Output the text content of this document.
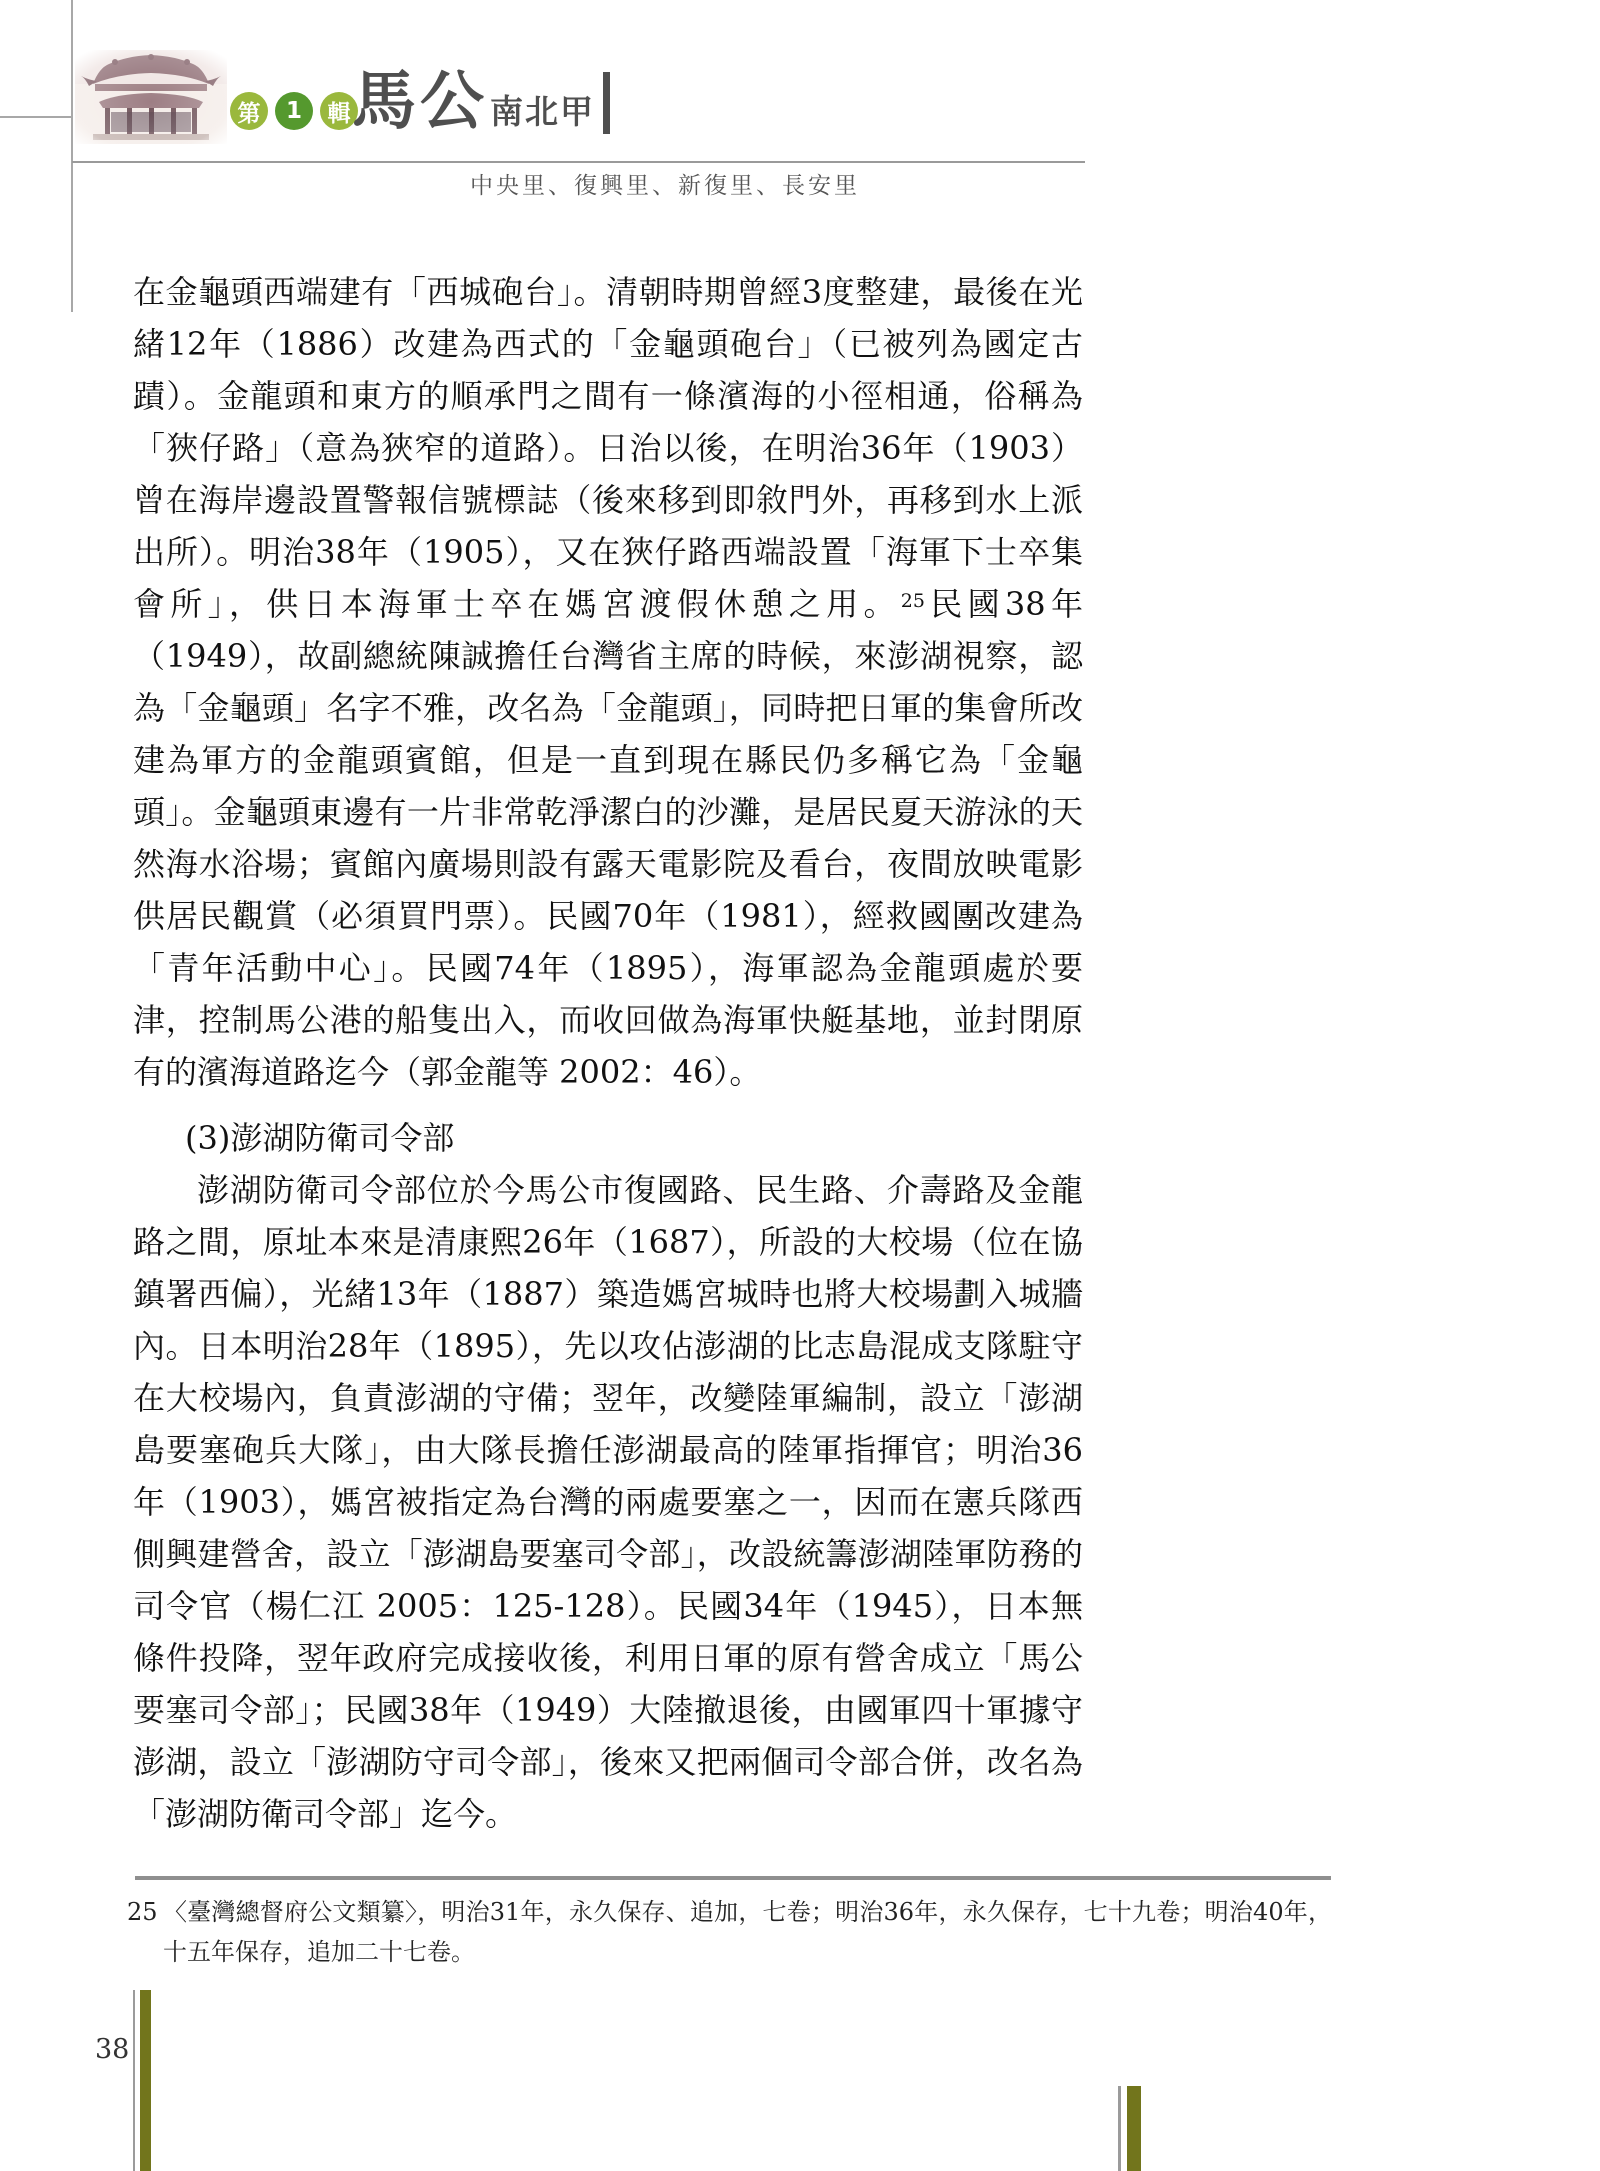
第	1	輯 馬公 南北甲
中央里、復興里、新復里、長安里

在金龜頭西端建有「西城砲台」。清朝時期曾經3度整建，最後在光緒12年（1886）改建為西式的「金龜頭砲台」（已被列為國定古蹟）。金龍頭和東方的順承門之間有一條濱海的小徑相通，俗稱為「狹仔路」（意為狹窄的道路）。日治以後，在明治36年（1903）曾在海岸邊設置警報信號標誌（後來移到即敘門外，再移到水上派出所）。明治38年（1905），又在狹仔路西端設置「海軍下士卒集會所」，供日本海軍士卒在媽宮渡假休憩之用。$^{25}$民國38年（1949），故副總統陳誠擔任台灣省主席的時候，來澎湖視察，認為「金龜頭」名字不雅，改名為「金龍頭」，同時把日軍的集會所改建為軍方的金龍頭賓館，但是一直到現在縣民仍多稱它為「金龜頭」。金龜頭東邊有一片非常乾淨潔白的沙灘，是居民夏天游泳的天然海水浴場；賓館內廣場則設有露天電影院及看台，夜間放映電影供居民觀賞（必須買門票）。民國70年（1981），經救國團改建為「青年活動中心」。民國74年（1895），海軍認為金龍頭處於要津，控制馬公港的船隻出入，而收回做為海軍快艇基地，並封閉原有的濱海道路迄今（郭金龍等 2002：46）。

(3)澎湖防衛司令部

澎湖防衛司令部位於今馬公市復國路、民生路、介壽路及金龍路之間，原址本來是清康熙26年（1687），所設的大校場（位在協鎮署西偏），光緒13年（1887）築造媽宮城時也將大校場劃入城牆內。日本明治28年（1895），先以攻佔澎湖的比志島混成支隊駐守在大校場內，負責澎湖的守備；翌年，改變陸軍編制，設立「澎湖島要塞砲兵大隊」，由大隊長擔任澎湖最高的陸軍指揮官；明治36年（1903），媽宮被指定為台灣的兩處要塞之一，因而在憲兵隊西側興建營舍，設立「澎湖島要塞司令部」，改設統籌澎湖陸軍防務的司令官（楊仁江 2005：125-128）。民國34年（1945），日本無條件投降，翌年政府完成接收後，利用日軍的原有營舍成立「馬公要塞司令部」；民國38年（1949）大陸撤退後，由國軍四十軍據守澎湖，設立「澎湖防守司令部」，後來又把兩個司令部合併，改名為「澎湖防衛司令部」迄今。

25 〈臺灣總督府公文類纂〉，明治31年，永久保存、追加，七卷；明治36年，永久保存，七十九卷；明治40年，十五年保存，追加二十七卷。
38
